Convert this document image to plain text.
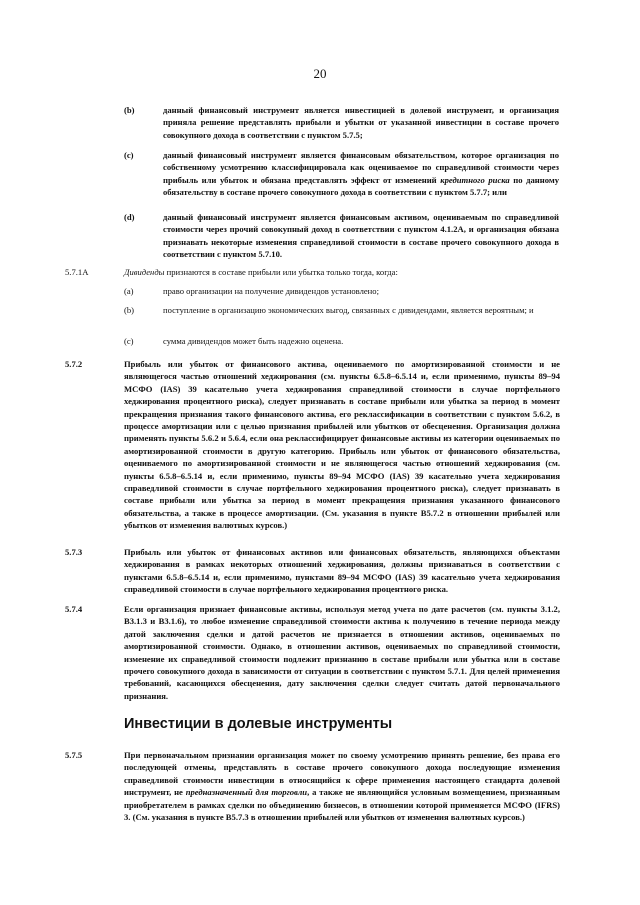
20
(b)	данный финансовый инструмент является инвестицией в долевой инструмент, и организация приняла решение представлять прибыли и убытки от указанной инвестиции в составе прочего совокупного дохода в соответствии с пунктом 5.7.5;
(c)	данный финансовый инструмент является финансовым обязательством, которое организация по собственному усмотрению классифицировала как оцениваемое по справедливой стоимости через прибыль или убыток и обязана представлять эффект от изменений кредитного риска по данному обязательству в составе прочего совокупного дохода в соответствии с пунктом 5.7.7; или
(d)	данный финансовый инструмент является финансовым активом, оцениваемым по справедливой стоимости через прочий совокупный доход в соответствии с пунктом 4.1.2А, и организация обязана признавать некоторые изменения справедливой стоимости в составе прочего совокупного дохода в соответствии с пунктом 5.7.10.
5.7.1A	Дивиденды признаются в составе прибыли или убытка только тогда, когда:
(a)	право организации на получение дивидендов установлено;
(b)	поступление в организацию экономических выгод, связанных с дивидендами, является вероятным; и
(c)	сумма дивидендов может быть надежно оценена.
5.7.2	Прибыль или убыток от финансового актива, оцениваемого по амортизированной стоимости и не являющегося частью отношений хеджирования (см. пункты 6.5.8–6.5.14 и, если применимо, пункты 89–94 МСФО (IAS) 39 касательно учета хеджирования справедливой стоимости в случае портфельного хеджирования процентного риска), следует признавать в составе прибыли или убытка за период в момент прекращения признания такого финансового актива, его реклассификации в соответствии с пунктом 5.6.2, в процессе амортизации или с целью признания прибылей или убытков от обесценения. Организация должна применять пункты 5.6.2 и 5.6.4, если она реклассифицирует финансовые активы из категории оцениваемых по амортизированной стоимости в другую категорию. Прибыль или убыток от финансового обязательства, оцениваемого по амортизированной стоимости и не являющегося частью отношений хеджирования (см. пункты 6.5.8–6.5.14 и, если применимо, пункты 89–94 МСФО (IAS) 39 касательно учета хеджирования справедливой стоимости в случае портфельного хеджирования процентного риска), следует признавать в составе прибыли или убытка за период в момент прекращения признания указанного финансового обязательства, а также в процессе амортизации. (См. указания в пункте В5.7.2 в отношении прибылей или убытков от изменения валютных курсов.)
5.7.3	Прибыль или убыток от финансовых активов или финансовых обязательств, являющихся объектами хеджирования в рамках некоторых отношений хеджирования, должны признаваться в соответствии с пунктами 6.5.8–6.5.14 и, если применимо, пунктами 89–94 МСФО (IAS) 39 касательно учета хеджирования справедливой стоимости в случае портфельного хеджирования процентного риска.
5.7.4	Если организация признает финансовые активы, используя метод учета по дате расчетов (см. пункты 3.1.2, В3.1.3 и В3.1.6), то любое изменение справедливой стоимости актива к получению в течение периода между датой заключения сделки и датой расчетов не признается в отношении активов, оцениваемых по амортизированной стоимости. Однако, в отношении активов, оцениваемых по справедливой стоимости, изменение их справедливой стоимости подлежит признанию в составе прибыли или убытка или в составе прочего совокупного дохода в зависимости от ситуации в соответствии с пунктом 5.7.1. Для целей применения требований, касающихся обесценения, дату заключения сделки следует считать датой первоначального признания.
Инвестиции в долевые инструменты
5.7.5	При первоначальном признании организация может по своему усмотрению принять решение, без права его последующей отмены, представлять в составе прочего совокупного дохода последующие изменения справедливой стоимости инвестиции в относящийся к сфере применения настоящего стандарта долевой инструмент, не предназначенный для торговли, а также не являющийся условным возмещением, признанным приобретателем в рамках сделки по объединению бизнесов, в отношении которой применяется МСФО (IFRS) 3. (См. указания в пункте В5.7.3 в отношении прибылей или убытков от изменения валютных курсов.)
